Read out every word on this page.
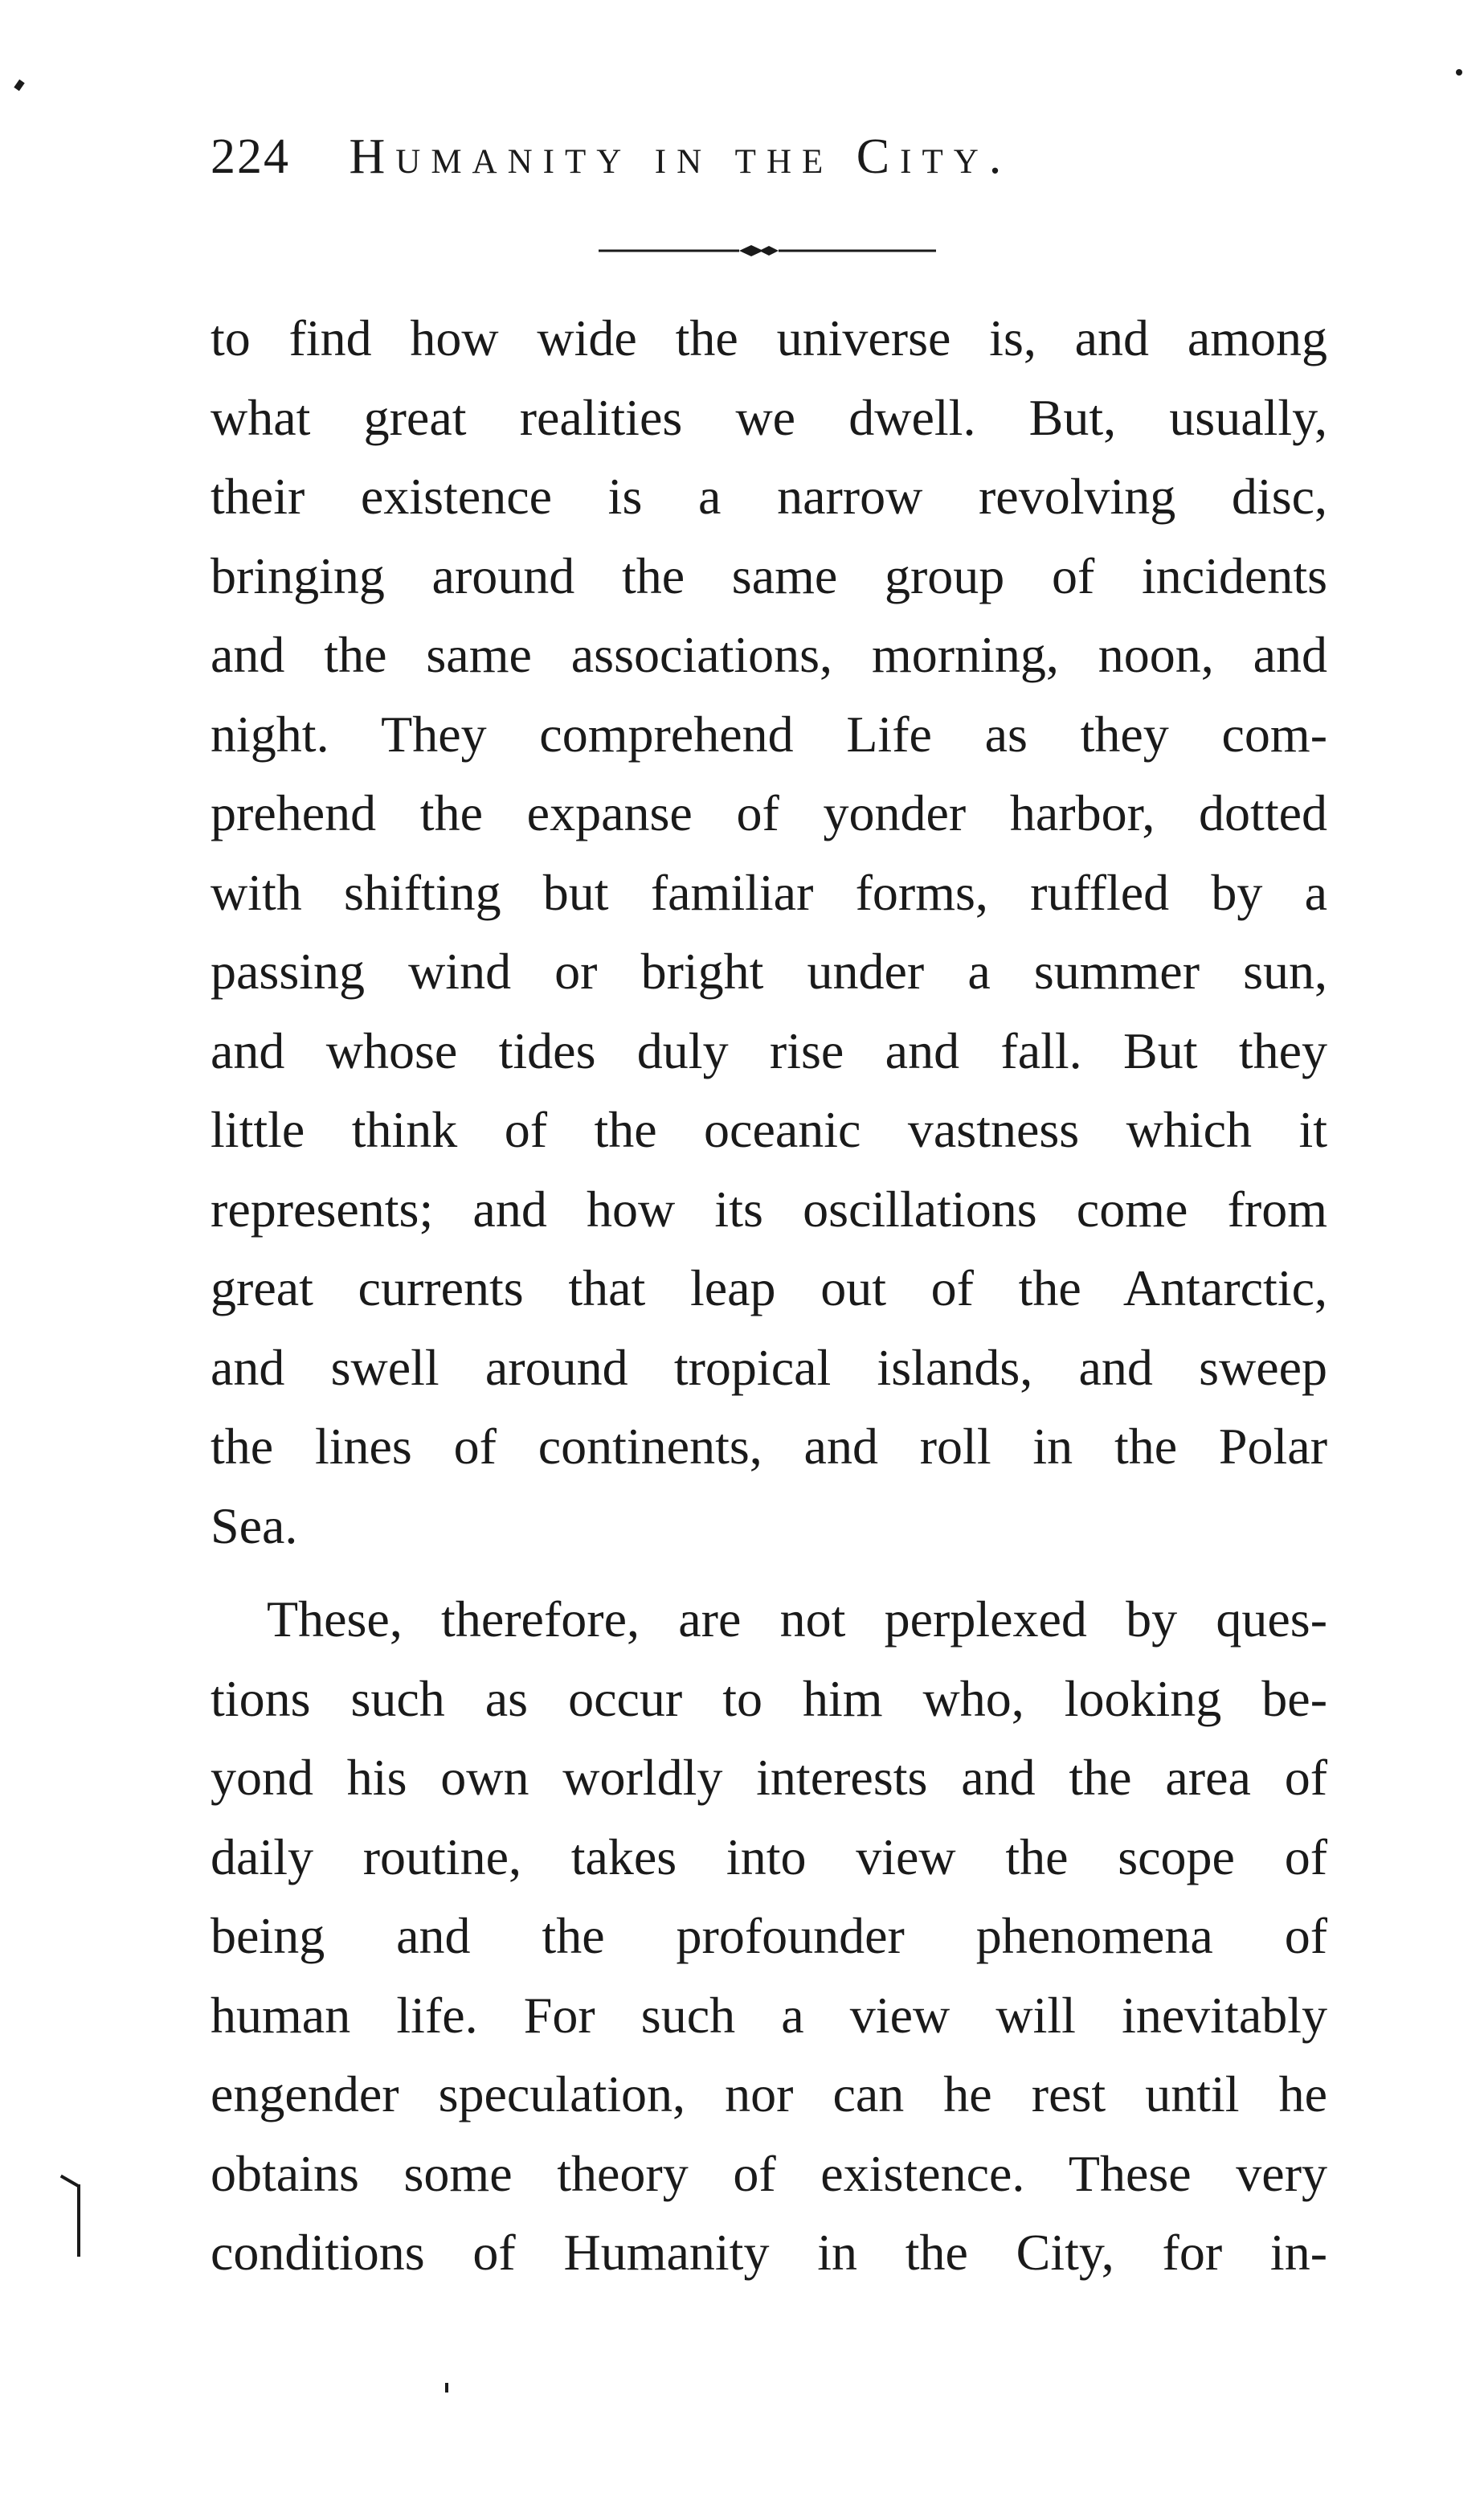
224 Humanity in the City.
to find how wide the universe is, and among
what great realities we dwell. But, usually,
their existence is a narrow revolving disc,
bringing around the same group of incidents
and the same associations, morning, noon, and
night. They comprehend Life as they com-
prehend the expanse of yonder harbor, dotted
with shifting but familiar forms, ruffled by a
passing wind or bright under a summer sun,
and whose tides duly rise and fall. But they
little think of the oceanic vastness which it
represents; and how its oscillations come from
great currents that leap out of the Antarctic,
and swell around tropical islands, and sweep
the lines of continents, and roll in the Polar
Sea.
These, therefore, are not perplexed by ques-
tions such as occur to him who, looking be-
yond his own worldly interests and the area of
daily routine, takes into view the scope of
being and the profounder phenomena of
human life. For such a view will inevitably
engender speculation, nor can he rest until he
obtains some theory of existence. These very
conditions of Humanity in the City, for in-
